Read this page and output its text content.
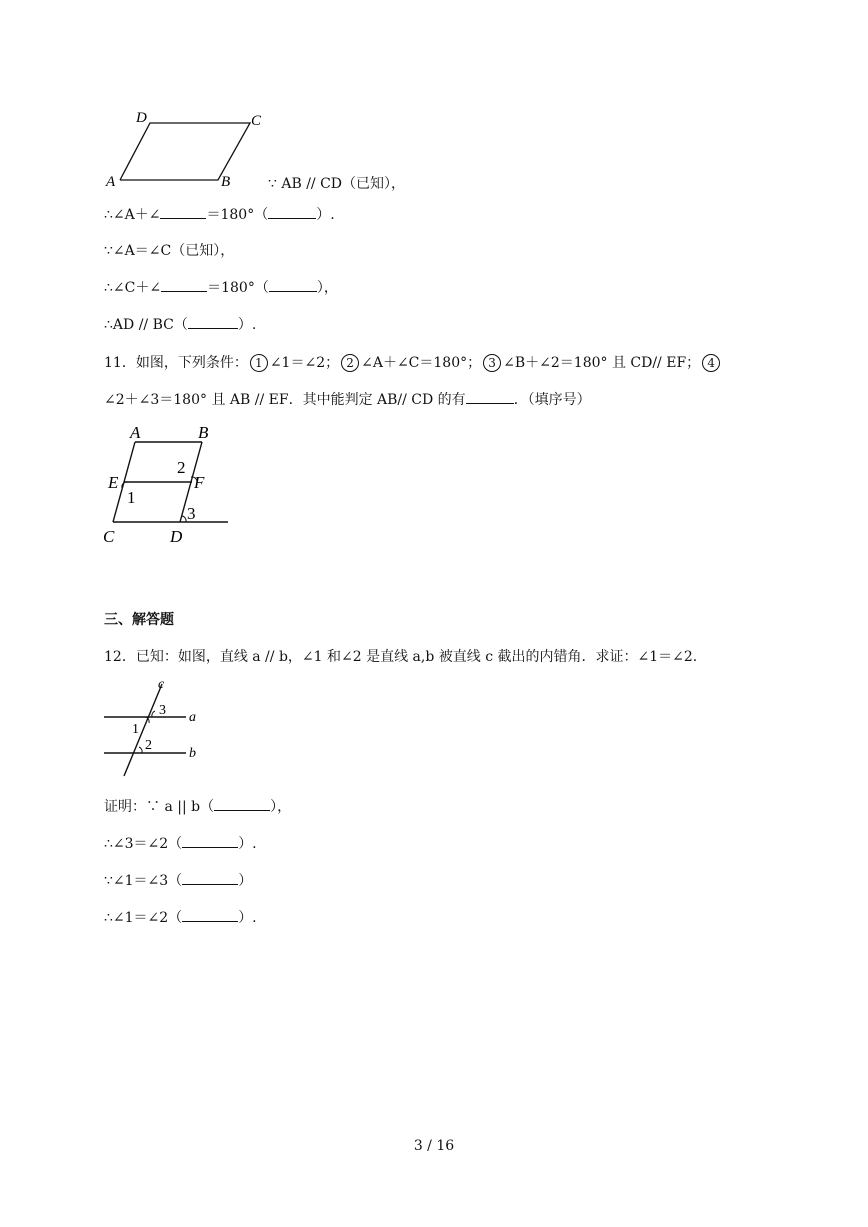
D	C
A	B	∵ AB // CD（已知），
∴∠A＋∠	＝180°（	）.
∵∠A＝∠C（已知），
∴∠C＋∠	＝180°（	），
∴AD // BC（	）.
11．如图，下列条件： 1 ∠1＝∠2； 2 ∠A＋∠C＝180°； 3 ∠B＋∠2＝180° 且 CD// EF； 4
∠2＋∠3＝180° 且 AB // EF．其中能判定 AB// CD 的有	．（填序号）
A	B
E	F
C	D
1
2
3
三、解答题
12．已知：如图，直线 a // b，∠1 和∠2 是直线 a,b 被直线 c 截出的内错角．求证：∠1＝∠2．
c
3 a
1
2
b
证明：∵ a || b（	），
∴∠3＝∠2（	）.
∵∠1＝∠3（	）
∴∠1＝∠2（	）.
3 / 16
